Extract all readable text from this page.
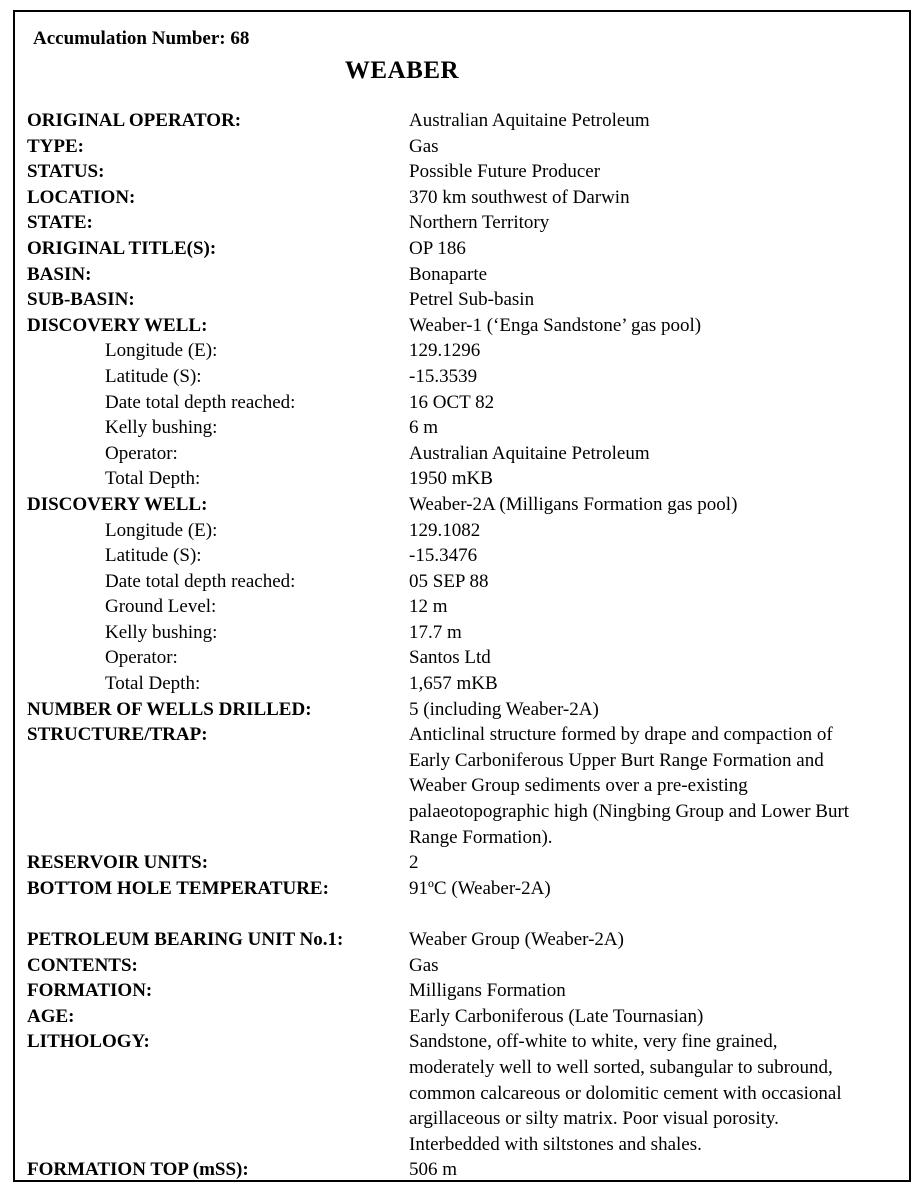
Accumulation Number: 68
WEABER
ORIGINAL OPERATOR:	Australian Aquitaine Petroleum
TYPE:	Gas
STATUS:	Possible Future Producer
LOCATION:	370 km southwest of Darwin
STATE:	Northern Territory
ORIGINAL TITLE(S):	OP 186
BASIN:	Bonaparte
SUB-BASIN:	Petrel Sub-basin
DISCOVERY WELL:	Weaber-1 (‘Enga Sandstone’ gas pool)
Longitude (E):	129.1296
Latitude (S):	-15.3539
Date total depth reached:	16 OCT 82
Kelly bushing:	6 m
Operator:	Australian Aquitaine Petroleum
Total Depth:	1950 mKB
DISCOVERY WELL:	Weaber-2A (Milligans Formation gas pool)
Longitude (E):	129.1082
Latitude (S):	-15.3476
Date total depth reached:	05 SEP 88
Ground Level:	12 m
Kelly bushing:	17.7 m
Operator:	Santos Ltd
Total Depth:	1,657 mKB
NUMBER OF WELLS DRILLED:	5 (including Weaber-2A)
STRUCTURE/TRAP:	Anticlinal structure formed by drape and compaction of
Early Carboniferous Upper Burt Range Formation and
Weaber Group sediments over a pre-existing
palaeotopographic high (Ningbing Group and Lower Burt
Range Formation).

RESERVOIR UNITS:	2
BOTTOM HOLE TEMPERATURE:	91ºC (Weaber-2A)

PETROLEUM BEARING UNIT No.1:	Weaber Group (Weaber-2A)
CONTENTS:	Gas
FORMATION:	Milligans Formation
AGE:	Early Carboniferous (Late Tournasian)
LITHOLOGY:	Sandstone, off-white to white, very fine grained,
moderately well to well sorted, subangular to subround,
common calcareous or dolomitic cement with occasional
argillaceous or silty matrix. Poor visual porosity.
Interbedded with siltstones and shales.

FORMATION TOP (mSS):	506 m
